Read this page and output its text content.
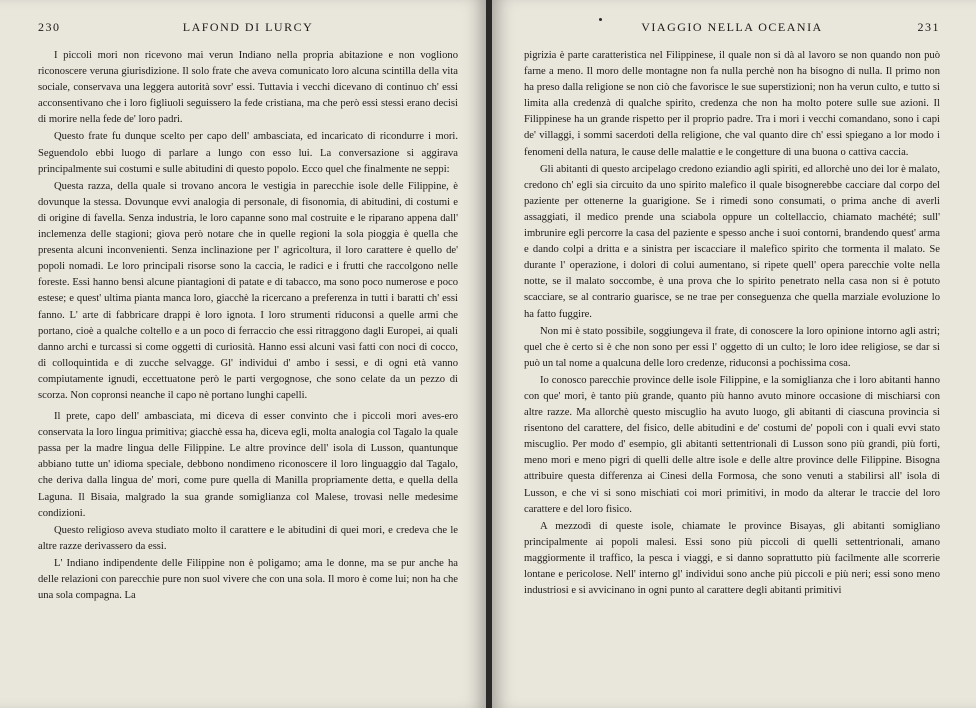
230	LAFOND DI LURCY

I piccoli mori non ricevono mai verun Indiano nella propria abitazione e non vogliono riconoscere veruna giurisdizione. Il solo frate che aveva comunicato loro alcuna scintilla della vita sociale, conservava una leggera autorità sovr' essi. Tuttavia i vecchi dicevano di continuo ch' essi acconsentivano che i loro figliuoli seguissero la fede cristiana, ma che però essi stessi erano decisi di morire nella fede de' loro padri.

Questo frate fu dunque scelto per capo dell' ambasciata, ed incaricato di ricondurre i mori. Seguendolo ebbi luogo di parlare a lungo con esso lui. La conversazione si aggirava principalmente sui costumi e sulle abitudini di questo popolo. Ecco quel che finalmente ne seppi:

Questa razza, della quale si trovano ancora le vestigia in parecchie isole delle Filippine, è dovunque la stessa. Dovunque evvi analogia di personale, di fisonomia, di abitudini, di costumi e di origine di favella. Senza industria, le loro capanne sono mal costruite e le riparano appena dall' inclemenza delle stagioni; giova però notare che in quelle regioni la sola pioggia è quella che presenta alcuni inconvenienti. Senza inclinazione per l' agricoltura, il loro carattere è quello de' popoli nomadi. Le loro principali risorse sono la caccia, le radici e i frutti che raccolgono nelle foreste. Essi hanno bensì alcune piantagioni di patate e di tabacco, ma sono poco numerose e poco estese; e quest' ultima pianta manca loro, giacchè la ricercano a preferenza in tutti i baratti ch' essi fanno. L' arte di fabbricare drappi è loro ignota. I loro strumenti riduconsi a quelle armi che portano, cioè a qualche coltello e a un poco di ferraccio che essi ritraggono dagli Europei, ai quali danno archi e turcassi si come oggetti di curiosità. Hanno essi alcuni vasi fatti con noci di cocco, di colloquintida e di zucche selvagge. Gl' individui d' ambo i sessi, e di ogni età vanno compiutamente ignudi, eccettuatone però le parti vergognose, che sono celate da un pezzo di scorza. Non copronsi neanche il capo nè portano lunghi capelli.

Il prete, capo dell' ambasciata, mi diceva di esser convinto che i piccoli mori aves-ero conservata la loro lingua primitiva; giacchè essa ha, diceva egli, molta analogia col Tagalo la quale passa per la madre lingua delle Filippine. Le altre province dell' isola di Lusson, quantunque abbiano tutte un' idioma speciale, debbono nondimeno riconoscere il loro linguaggio dal Tagalo, che deriva dalla lingua de' mori, come pure quella di Manilla propriamente detta, e quella della Laguna. Il Bisaia, malgrado la sua grande somiglianza col Malese, trovasi nelle medesime condizioni.

Questo religioso aveva studiato molto il carattere e le abitudini di quei mori, e credeva che le altre razze derivassero da essi.

L' Indiano indipendente delle Filippine non è poligamo; ama le donne, ma se pur anche ha delle relazioni con parecchie pure non suol vivere che con una sola. Il moro è come lui; non ha che una sola compagna. La

VIAGGIO NELLA OCEANIA	231

pigrizia è parte caratteristica nel Filippinese, il quale non si dà al lavoro se non quando non può farne a meno. Il moro delle montagne non fa nulla perchè non ha bisogno di nulla. Il primo non ha preso dalla religione se non ciò che favorisce le sue superstizioni; non ha verun culto, e tutto si limita alla credenzà di qualche spirito, credenza che non ha molto potere sulle sue azioni. Il Filippinese ha un grande rispetto per il proprio padre. Tra i mori i vecchi comandano, sono i capi de' villaggi, i sommi sacerdoti della religione, che val quanto dire ch' essi spiegano a lor modo i fenomeni della natura, le cause delle malattie e le congetture di una buona o cattiva caccia.

Gli abitanti di questo arcipelago credono eziandio agli spiriti, ed allorchè uno dei lor è malato, credono ch' egli sia circuito da uno spirito malefico il quale bisognerebbe cacciare dal corpo del paziente per ottenerne la guarigione. Se i rimedi sono consumati, o prima anche di averli assaggiati, il medico prende una sciabola oppure un coltellaccio, chiamato machété; sull' imbrunire egli percorre la casa del paziente e spesso anche i suoi contorni, brandendo quest' arma e dando colpi a dritta e a sinistra per iscacciare il malefico spirito che tormenta il malato. Se durante l' operazione, i dolori di colui aumentano, si ripete quell' opera parecchie volte nella notte, se il malato soccombe, è una prova che lo spirito penetrato nella casa non si è potuto scacciare, se al contrario guarisce, se ne trae per conseguenza che quella marziale evoluzione lo ha fatto fuggire.

Non mi è stato possibile, soggiungeva il frate, di conoscere la loro opinione intorno agli astri; quel che è certo si è che non sono per essi l' oggetto di un culto; le loro idee religiose, se dar si può un tal nome a qualcuna delle loro credenze, riduconsi a pochissima cosa.

Io conosco parecchie province delle isole Filippine, e la somiglianza che i loro abitanti hanno con que' mori, è tanto più grande, quanto più hanno avuto minore occasione di mischiarsi con altre razze. Ma allorchè questo miscuglio ha avuto luogo, gli abitanti di ciascuna provincia si risentono del carattere, del fisico, delle abitudini e de' costumi de' popoli con i quali evvi stato miscuglio. Per modo d' esempio, gli abitanti settentrionali di Lusson sono più grandi, più forti, meno mori e meno pigri di quelli delle altre isole e delle altre province delle Filippine. Bisogna attribuire questa differenza ai Cinesi della Formosa, che sono venuti a stabilirsi all' isola di Lusson, e che vi si sono mischiati coi mori primitivi, in modo da alterar le traccie del loro carattere e del loro fisico.

A mezzodì di queste isole, chiamate le province Bisayas, gli abitanti somigliano principalmente ai popoli malesi. Essi sono più piccoli di quelli settentrionali, amano maggiormente il traffico, la pesca i viaggi, e si danno soprattutto più facilmente alle scorrerie lontane e pericolose. Nell' interno gl' individui sono anche più piccoli e più neri; essi sono meno industriosi e si avvicinano in ogni punto al carattere degli abitanti primitivi
